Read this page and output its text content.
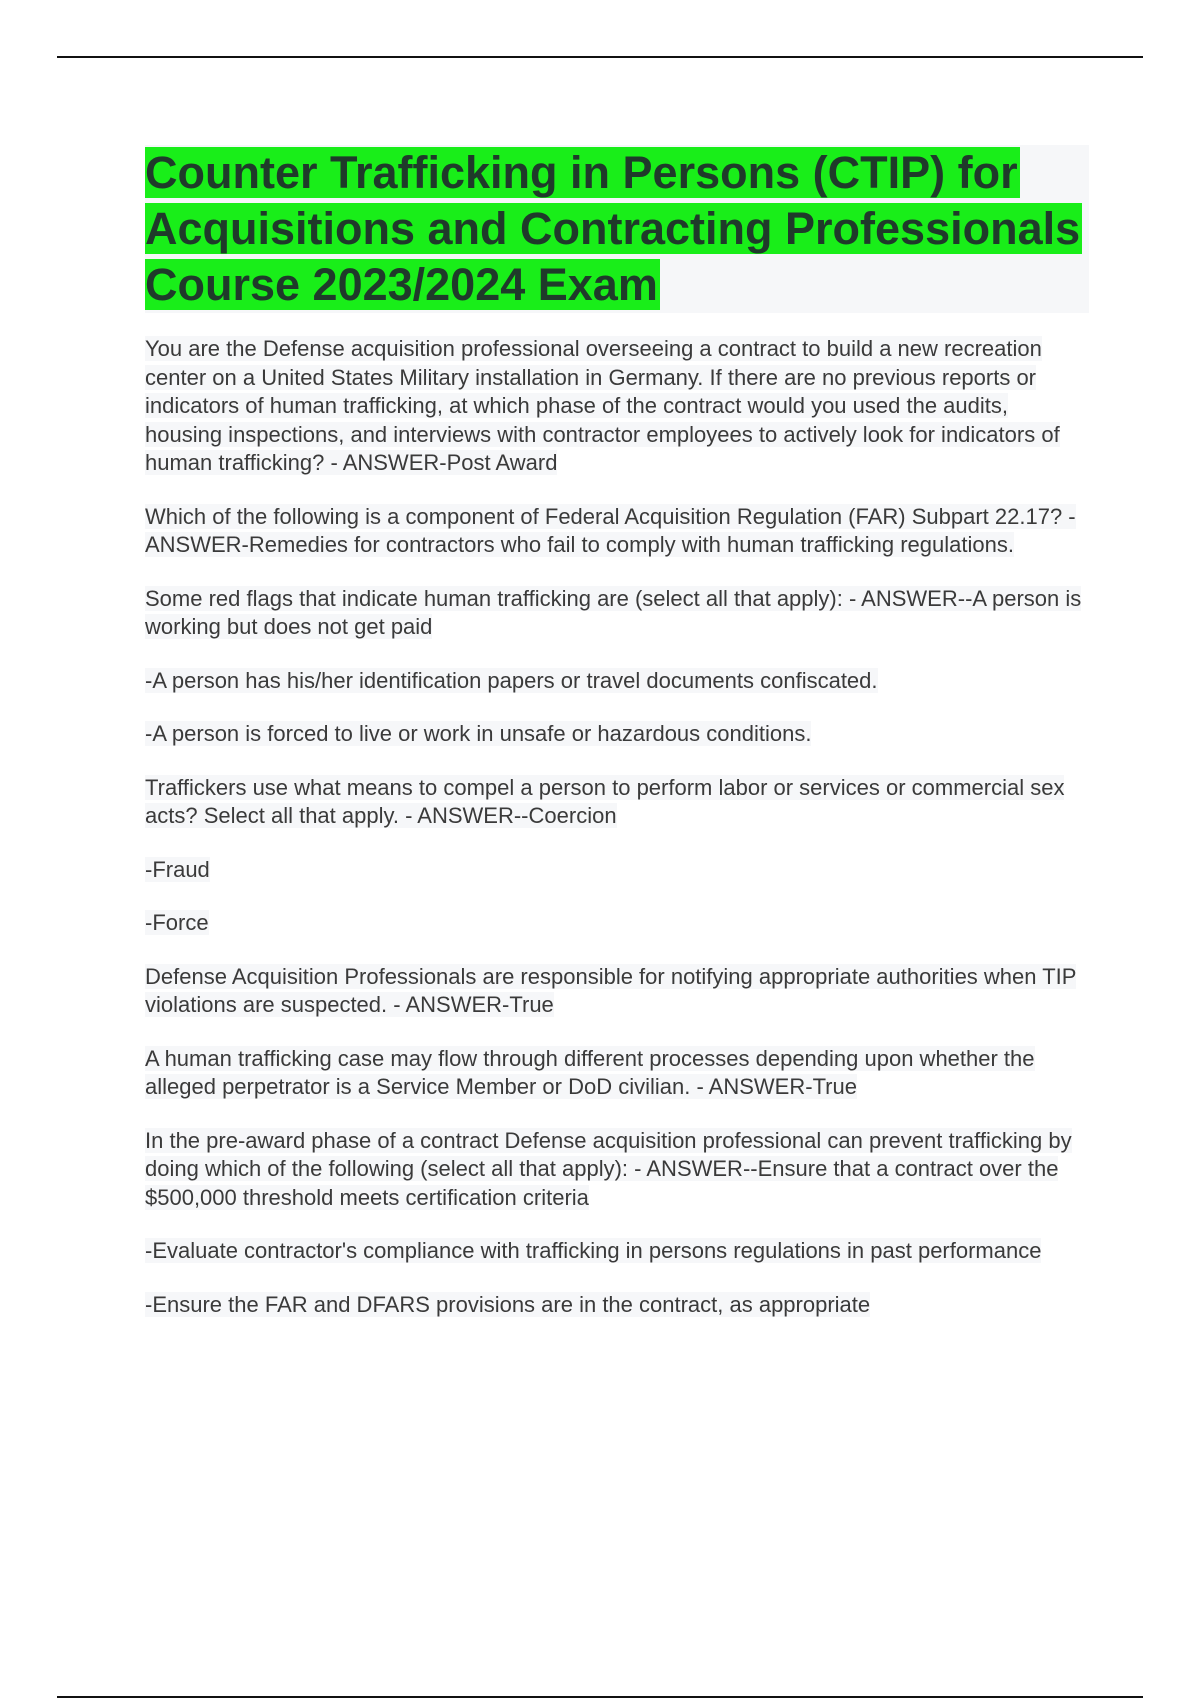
Counter Trafficking in Persons (CTIP) for Acquisitions and Contracting Professionals Course 2023/2024 Exam

You are the Defense acquisition professional overseeing a contract to build a new recreation center on a United States Military installation in Germany. If there are no previous reports or indicators of human trafficking, at which phase of the contract would you used the audits, housing inspections, and interviews with contractor employees to actively look for indicators of human trafficking? - ANSWER-Post Award

Which of the following is a component of Federal Acquisition Regulation (FAR) Subpart 22.17? - ANSWER-Remedies for contractors who fail to comply with human trafficking regulations.

Some red flags that indicate human trafficking are (select all that apply): - ANSWER--A person is working but does not get paid

-A person has his/her identification papers or travel documents confiscated.

-A person is forced to live or work in unsafe or hazardous conditions.

Traffickers use what means to compel a person to perform labor or services or commercial sex acts? Select all that apply. - ANSWER--Coercion

-Fraud

-Force

Defense Acquisition Professionals are responsible for notifying appropriate authorities when TIP violations are suspected. - ANSWER-True

A human trafficking case may flow through different processes depending upon whether the alleged perpetrator is a Service Member or DoD civilian. - ANSWER-True

In the pre-award phase of a contract Defense acquisition professional can prevent trafficking by doing which of the following (select all that apply): - ANSWER--Ensure that a contract over the $500,000 threshold meets certification criteria

-Evaluate contractor's compliance with trafficking in persons regulations in past performance

-Ensure the FAR and DFARS provisions are in the contract, as appropriate
